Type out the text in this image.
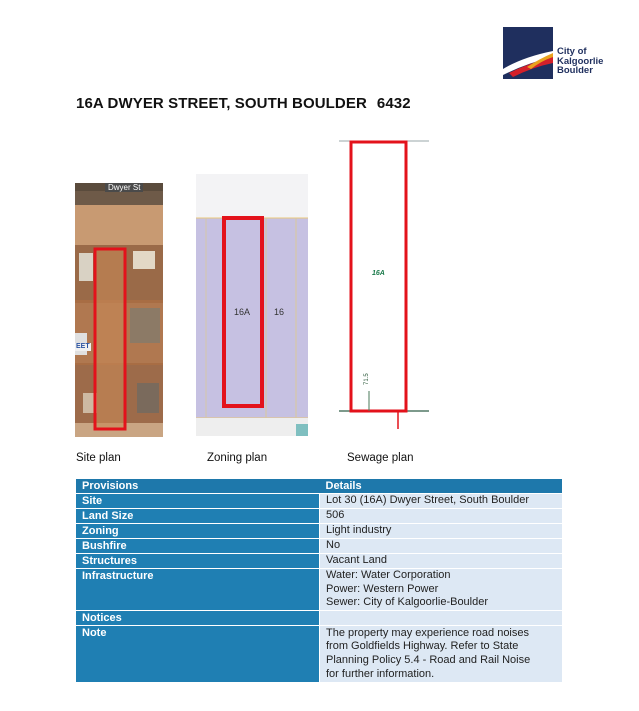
City of
Kalgoorlie
Boulder
16A DWYER STREET, SOUTH BOULDER 6432
Dwyer St
EET
16A	16
16A
71.5
Site plan	Zoning plan	Sewage plan
Provisions	Details
Site	Lot 30 (16A) Dwyer Street, South Boulder

Land Size	506

Zoning	Light industry

Bushfire	No

Structures	Vacant Land

Infrastructure	Water: Water Corporation
Power: Western Power
Sewer: City of Kalgoorlie-Boulder

Notices	

Note	The property may experience road noises
from Goldfields Highway. Refer to State
Planning Policy 5.4 - Road and Rail Noise
for further information.
